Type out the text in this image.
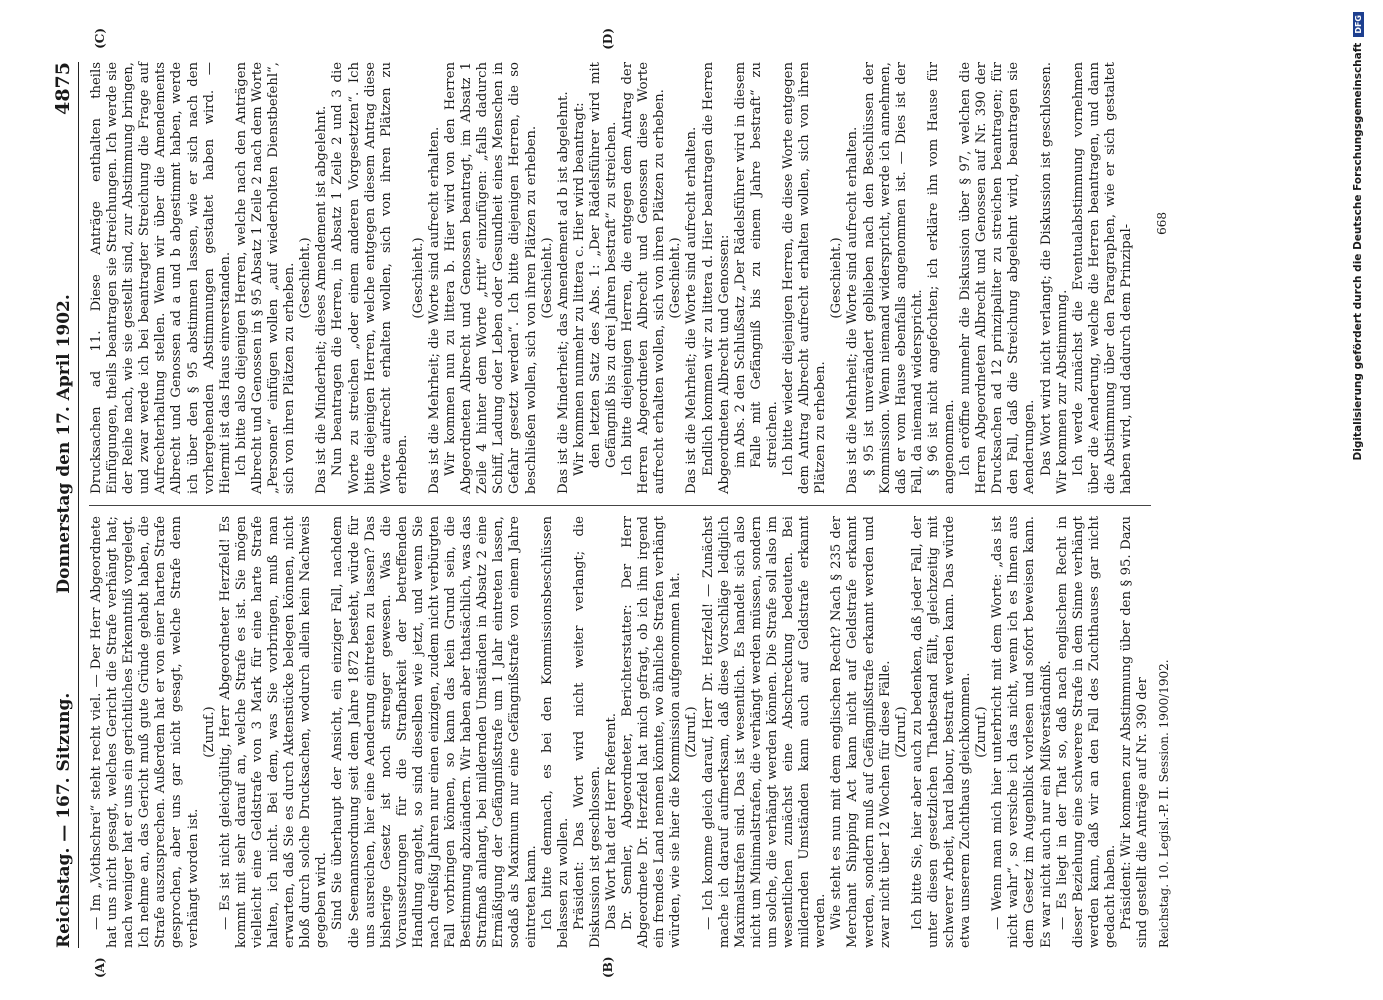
Reichstag. — 167. Sitzung.
Donnerstag den 17. April 1902.
4875
(A)	(B)

— Im „Vothschrei“ steht recht viel. — Der Herr Abgeordnete hat uns nicht gesagt, welches Gericht die Strafe verhängt hat; nach weniger hat er uns ein gerichtliches Erkenntniß vorgelegt. Ich nehme an, das Gericht muß gute Gründe gehabt haben, die Strafe auszusprechen. Außerdem hat er von einer harten Strafe gesprochen, aber uns gar nicht gesagt, welche Strafe denn verhängt worden ist.

(Zuruf.) — Es ist nicht gleichgültig, Herr Abgeordneter Herzfeld! Es kommt mit sehr darauf an, welche Strafe es ist. Sie mögen vielleicht eine Geldstrafe von 3 Mark für eine harte Strafe halten, ich nicht. Bei dem, was Sie vorbringen, muß man erwarten, daß Sie es durch Aktenstücke belegen können, nicht bloß durch solche Drucksachen, wodurch allein kein Nachweis gegeben wird. Sind Sie überhaupt der Ansicht, ein einziger Fall, nachdem die Seemannsordnung seit dem Jahre 1872 besteht, würde für uns ausreichen, hier eine Aenderung eintreten zu lassen? Das bisherige Gesetz ist noch strenger gewesen. Was die Voraussetzungen für die Strafbarkeit der betreffenden Handlung angeht, so sind dieselben wie jetzt, und wenn Sie nach dreißig Jahren nur einen einzigen, zudem nicht verbürgten Fall vorbringen können, so kann das kein Grund sein, die Bestimmung abzuändern. Wir haben aber thatsächlich, was das Strafmaß anlangt, bei mildernden Umständen in Absatz 2 eine Ermäßigung der Gefängnißstrafe um 1 Jahr eintreten lassen, sodaß als Maximum nur eine Gefängnißstrafe von einem Jahre eintreten kann. Ich bitte demnach, es bei den Kommissionsbeschlüssen belassen zu wollen. Präsident: Das Wort wird nicht weiter verlangt; die Diskussion ist geschlossen. Das Wort hat der Herr Referent. Dr. Semler, Abgeordneter, Berichterstatter: Der Herr Abgeordnete Dr. Herzfeld hat mich gefragt, ob ich ihm irgend ein fremdes Land nennen könnte, wo ähnliche Strafen verhängt würden, wie sie hier die Kommission aufgenommen hat. (Zuruf.) — Ich komme gleich darauf, Herr Dr. Herzfeld! — Zunächst mache ich darauf aufmerksam, daß diese Vorschläge lediglich Maximalstrafen sind. Das ist wesentlich. Es handelt sich also nicht um Minimalstrafen, die verhängt werden müssen, sondern um solche, die verhängt werden können. Die Strafe soll also im wesentlichen zunächst eine Abschreckung bedeuten. Bei mildernden Umständen kann auch auf Geldstrafe erkannt werden. Wie steht es nun mit dem englischen Recht? Nach § 235 der Merchant Shipping Act kann nicht auf Geldstrafe erkannt werden, sondern muß auf Gefängnißstrafe erkannt werden und zwar nicht über 12 Wochen für diese Fälle. (Zuruf.) Ich bitte Sie, hier aber auch zu bedenken, daß jeder Fall, der unter diesen gesetzlichen Thatbestand fällt, gleichzeitig mit schwerer Arbeit, hard labour, bestraft werden kann. Das würde etwa unserem Zuchthaus gleichkommen. (Zuruf.) — Wenn man mich hier unterbricht mit dem Worte: „das ist nicht wahr“, so versiche ich das nicht, wenn ich es Ihnen aus dem Gesetz im Augenblick vorlesen und sofort beweisen kann. Es war nicht auch nur ein Mißverständniß. — Es liegt in der That so, daß nach englischem Recht in dieser Beziehung eine schwerere Strafe in dem Sinne verhängt werden kann, daß wir an den Fall des Zuchthauses gar nicht gedacht haben. Präsident: Wir kommen zur Abstimmung über den § 95. Dazu sind gestellt die Anträge auf Nr. 390 der

(C)	(D)

Drucksachen ad 11. Diese Anträge enthalten theils Einfügungen, theils beantragen sie Streichungen. Ich werde sie der Reihe nach, wie sie gestellt sind, zur Abstimmung bringen, und zwar werde ich bei beantragter Streichung die Frage auf Aufrechterhaltung stellen. Wenn wir über die Amendements Albrecht und Genossen ad a und b abgestimmt haben, werde ich über den § 95 abstimmen lassen, wie er sich nach den vorhergehenden Abstimmungen gestaltet haben wird. — Hiermit ist das Haus einverstanden. Ich bitte also diejenigen Herren, welche nach den Anträgen Albrecht und Genossen in § 95 Absatz 1 Zeile 2 nach dem Worte „Personen“ einfügen wollen „auf wiederholten Dienstbefehl“, sich von ihren Plätzen zu erheben. (Geschieht.) Das ist die Minderheit; dieses Amendement ist abgelehnt. Nun beantragen die Herren, in Absatz 1 Zeile 2 und 3 die Worte zu streichen „oder einem anderen Vorgesetzten“. Ich bitte diejenigen Herren, welche entgegen diesem Antrag diese Worte aufrecht erhalten wollen, sich von ihren Plätzen zu erheben.

(Geschieht.) Das ist die Mehrheit; die Worte sind aufrecht erhalten. Wir kommen nun zu littera b. Hier wird von den Herren Abgeordneten Albrecht und Genossen beantragt, im Absatz 1 Zeile 4 hinter dem Worte „tritt“ einzufügen: „falls dadurch Schiff, Ladung oder Leben oder Gesundheit eines Menschen in Gefahr gesetzt werden“. Ich bitte diejenigen Herren, die so beschließen wollen, sich von ihren Plätzen zu erheben. (Geschieht.) Das ist die Minderheit; das Amendement ad b ist abgelehnt. Wir kommen nunmehr zu littera c. Hier wird beantragt: den letzten Satz des Abs. 1: „Der Rädelsführer wird mit Gefängniß bis zu drei Jahren bestraft“ zu streichen. Ich bitte diejenigen Herren, die entgegen dem Antrag der Herren Abgeordneten Albrecht und Genossen diese Worte aufrecht erhalten wollen, sich von ihren Plätzen zu erheben. (Geschieht.) Das ist die Mehrheit; die Worte sind aufrecht erhalten. Endlich kommen wir zu littera d. Hier beantragen die Herren Abgeordneten Albrecht und Genossen: im Abs. 2 den Schlußsatz „Der Rädelsführer wird in diesem Falle mit Gefängniß bis zu einem Jahre bestraft“ zu streichen. Ich bitte wieder diejenigen Herren, die diese Worte entgegen dem Antrag Albrecht aufrecht erhalten wollen, sich von ihren Plätzen zu erheben.

(Geschieht.) Das ist die Mehrheit; die Worte sind aufrecht erhalten. § 95 ist unverändert geblieben nach den Beschlüssen der Kommission. Wenn niemand widerspricht, werde ich annehmen, daß er vom Hause ebenfalls angenommen ist. — Dies ist der Fall, da niemand widerspricht. § 96 ist nicht angefochten; ich erkläre ihn vom Hause für angenommen. Ich eröffne nunmehr die Diskussion über § 97, welchen die Herren Abgeordneten Albrecht und Genossen auf Nr. 390 der Drucksachen ad 12 prinzipaliter zu streichen beantragen; für den Fall, daß die Streichung abgelehnt wird, beantragen sie Aenderungen. Das Wort wird nicht verlangt; die Diskussion ist geschlossen. Wir kommen zur Abstimmung. Ich werde zunächst die Eventualabstimmung vornehmen über die Aenderung, welche die Herren beantragen, und dann die Abstimmung über den Paragraphen, wie er sich gestaltet haben wird, und dadurch dem Prinzipal-

Reichstag. 10. Legisl.-P. II. Session. 1900/1902.
668	Digitalisierung gefördert durch die Deutsche Forschungsgemeinschaft
DFG
